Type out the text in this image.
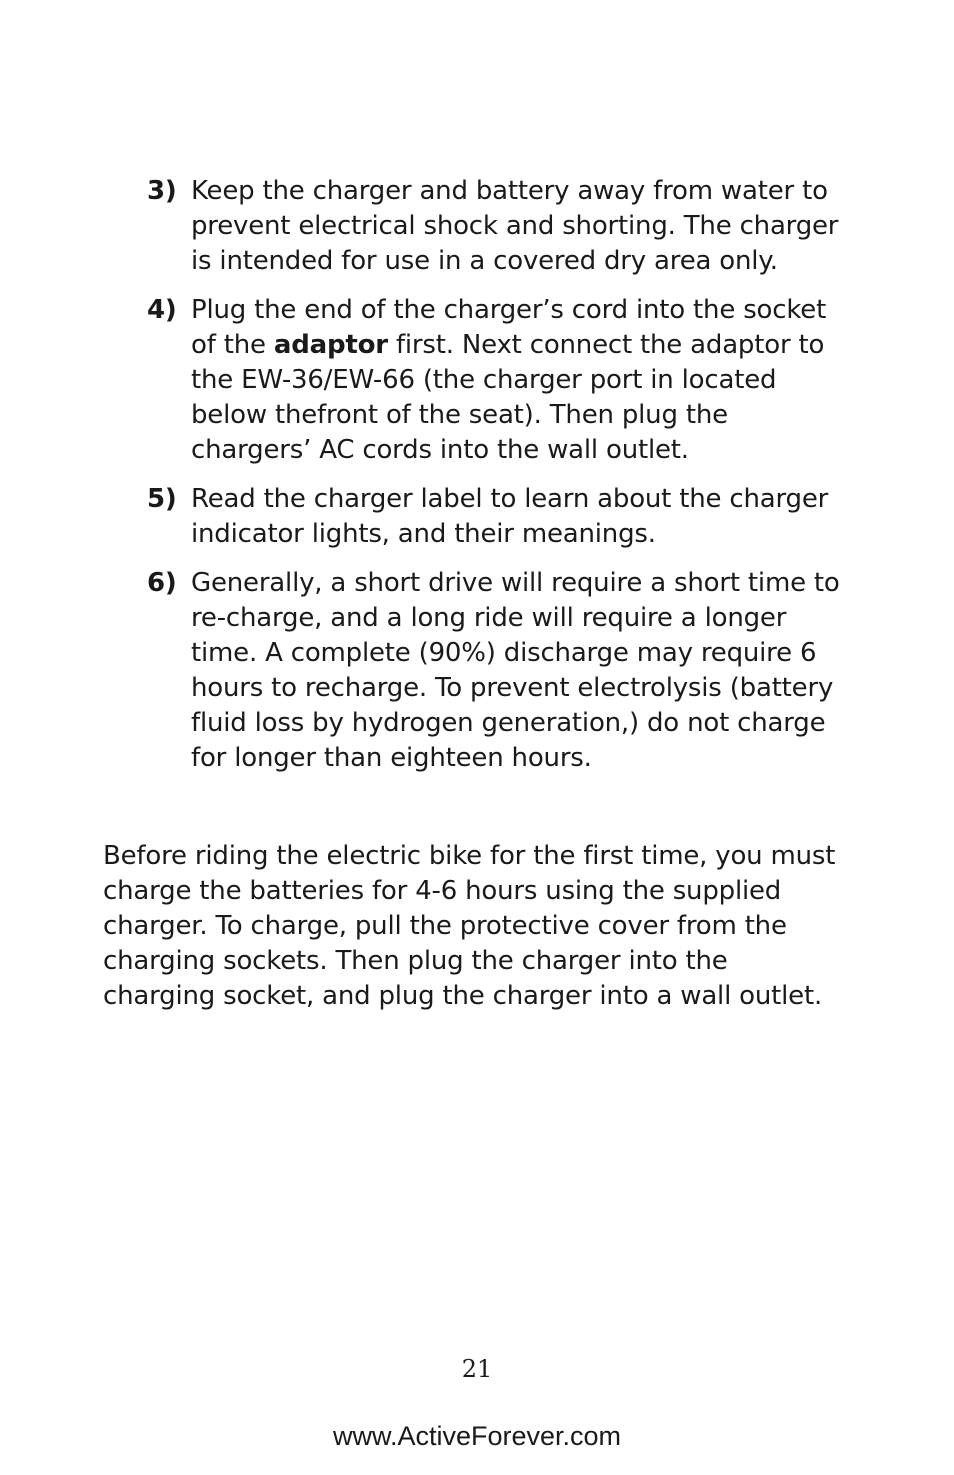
3) Keep the charger and battery away from water to
prevent electrical shock and shorting. The charger
is intended for use in a covered dry area only.
4) Plug the end of the charger’s cord into the socket
of the adaptor first. Next connect the adaptor to
the EW-36/EW-66 (the charger port in located
below thefront of the seat). Then plug the
chargers’ AC cords into the wall outlet.
5) Read the charger label to learn about the charger
indicator lights, and their meanings.
6) Generally, a short drive will require a short time to
re-charge, and a long ride will require a longer
time. A complete (90%) discharge may require 6
hours to recharge. To prevent electrolysis (battery
fluid loss by hydrogen generation,) do not charge
for longer than eighteen hours.

Before riding the electric bike for the first time, you must
charge the batteries for 4-6 hours using the supplied
charger. To charge, pull the protective cover from the
charging sockets. Then plug the charger into the
charging socket, and plug the charger into a wall outlet.

21
www.ActiveForever.com
